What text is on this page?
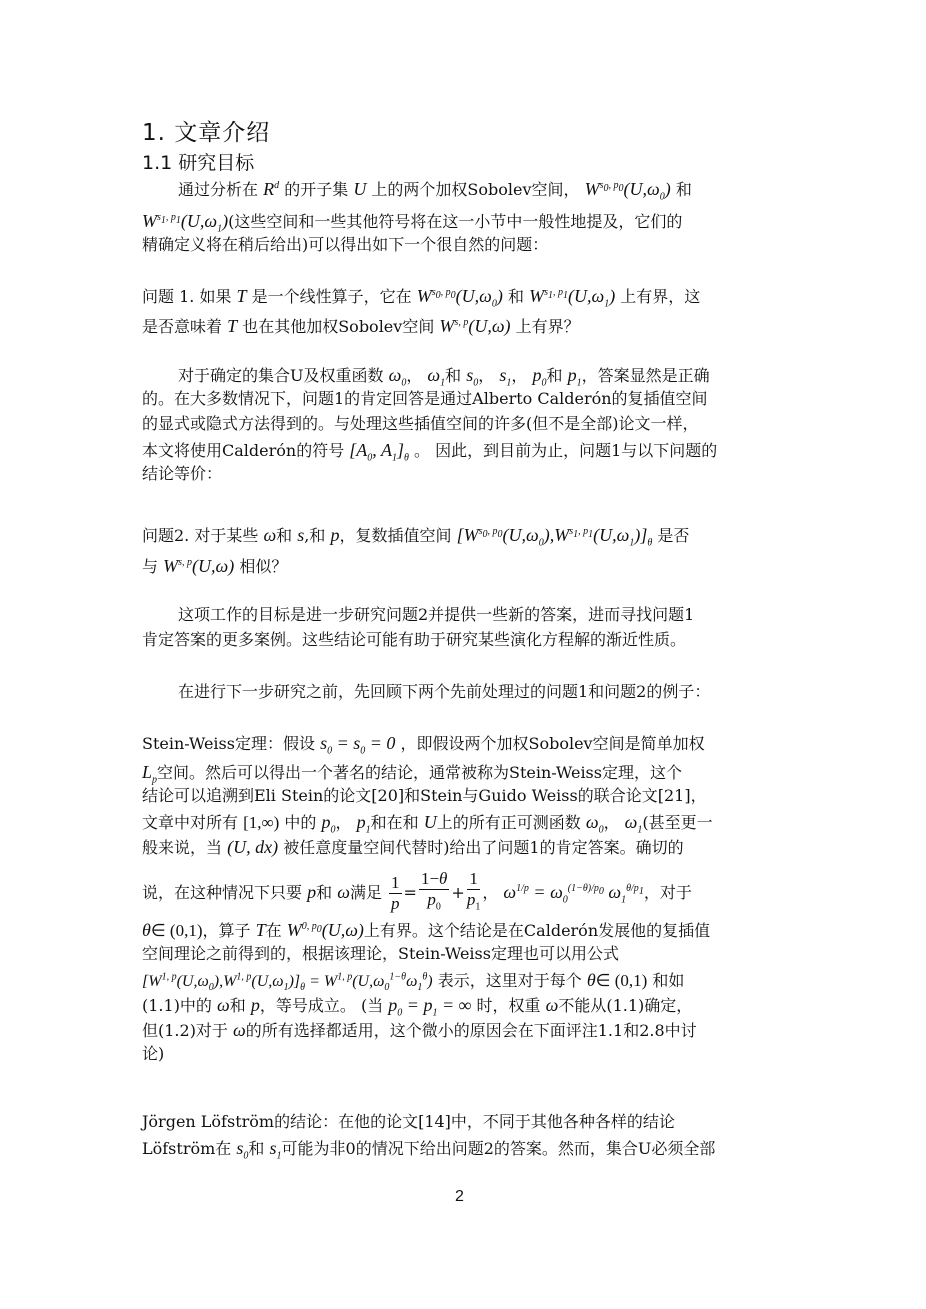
1. 文章介绍
1.1 研究目标
通过分析在 $R^d$ 的开子集 U 上的两个加权Sobolev空间， $W^{s_0, p_0}(U,\omega_0)$ 和
$W^{s_1, p_1}(U,\omega_1)$(这些空间和一些其他符号将在这一小节中一般性地提及，它们的
精确定义将在稍后给出)可以得出如下一个很自然的问题：
问题 1. 如果 T 是一个线性算子，它在 $W^{s_0, p_0}(U,\omega_0)$ 和 $W^{s_1, p_1}(U,\omega_1)$ 上有界，这
是否意味着 T 也在其他加权Sobolev空间 W$^{s, p}$(U,ω) 上有界？
对于确定的集合U及权重函数 $\omega_0$， $\omega_1$和 $s_0$， $s_1$， $p_0$和 $p_1$，答案显然是正确
的。在大多数情况下，问题1的肯定回答是通过Alberto Calderón的复插值空间
的显式或隐式方法得到的。与处理这些插值空间的许多(但不是全部)论文一样，
本文将使用Calderón的符号 [$A_0$, $A_1]_\theta$ 。 因此，到目前为止，问题1与以下问题的
结论等价：
问题2. 对于某些 ω和 s,和 p，复数插值空间 $[W^{s_0, p_0}(U,\omega_0),W^{s_1, p_1}(U,\omega_1)]_\theta$ 是否
与 W$^{s, p}$(U,ω) 相似？
这项工作的目标是进一步研究问题2并提供一些新的答案，进而寻找问题1
肯定答案的更多案例。这些结论可能有助于研究某些演化方程解的渐近性质。
在进行下一步研究之前，先回顾下两个先前处理过的问题1和问题2的例子：
Stein-Weiss定理：假设 $s_0 = s_0 = 0$ ，即假设两个加权Sobolev空间是简单加权
$L_p$空间。然后可以得出一个著名的结论，通常被称为Stein-Weiss定理，这个
结论可以追溯到Eli Stein的论文[20]和Stein与Guido Weiss的联合论文[21]，
文章中对所有 [1,∞) 中的 $p_0$， $p_1$和在和 U上的所有正可测函数 $\omega_0$， $\omega_1$(甚至更一
般来说，当 (U, dx) 被任意度量空间代替时)给出了问题1的肯定答案。确切的
说，在这种情况下只要 p和 ω满足 $\frac{1}{p} = \frac{1-\theta}{p_0} + \frac{1}{p_1}$ ， $\omega^{1/p} = \omega_0^{(1-\theta)/p_0}$ $\omega_1^{\theta/p_1}$，对于
θ∈ (0,1)，算子 T在 $W^{0, p_0}(U,\omega)$上有界。这个结论是在Calderón发展他的复插值
空间理论之前得到的，根据该理论，Stein-Weiss定理也可以用公式
$[W^{1, p}(U,\omega_0),W^{1, p}(U,\omega_1)]_\theta = W^{1, p}(U,\omega_0^{1-\theta}\omega_1^\theta)$ 表示，这里对于每个 θ∈ (0,1) 和如
(1.1)中的 ω和 p，等号成立。 (当 $p_0 = p_1$ = ∞ 时，权重 ω不能从(1.1)确定，
但(1.2)对于 ω的所有选择都适用，这个微小的原因会在下面评注1.1和2.8中讨
论)
Jörgen Löfström的结论：在他的论文[14]中，不同于其他各种各样的结论
Löfström在 $s_0$和 $s_1$可能为非0的情况下给出问题2的答案。然而，集合U必须全部
2
